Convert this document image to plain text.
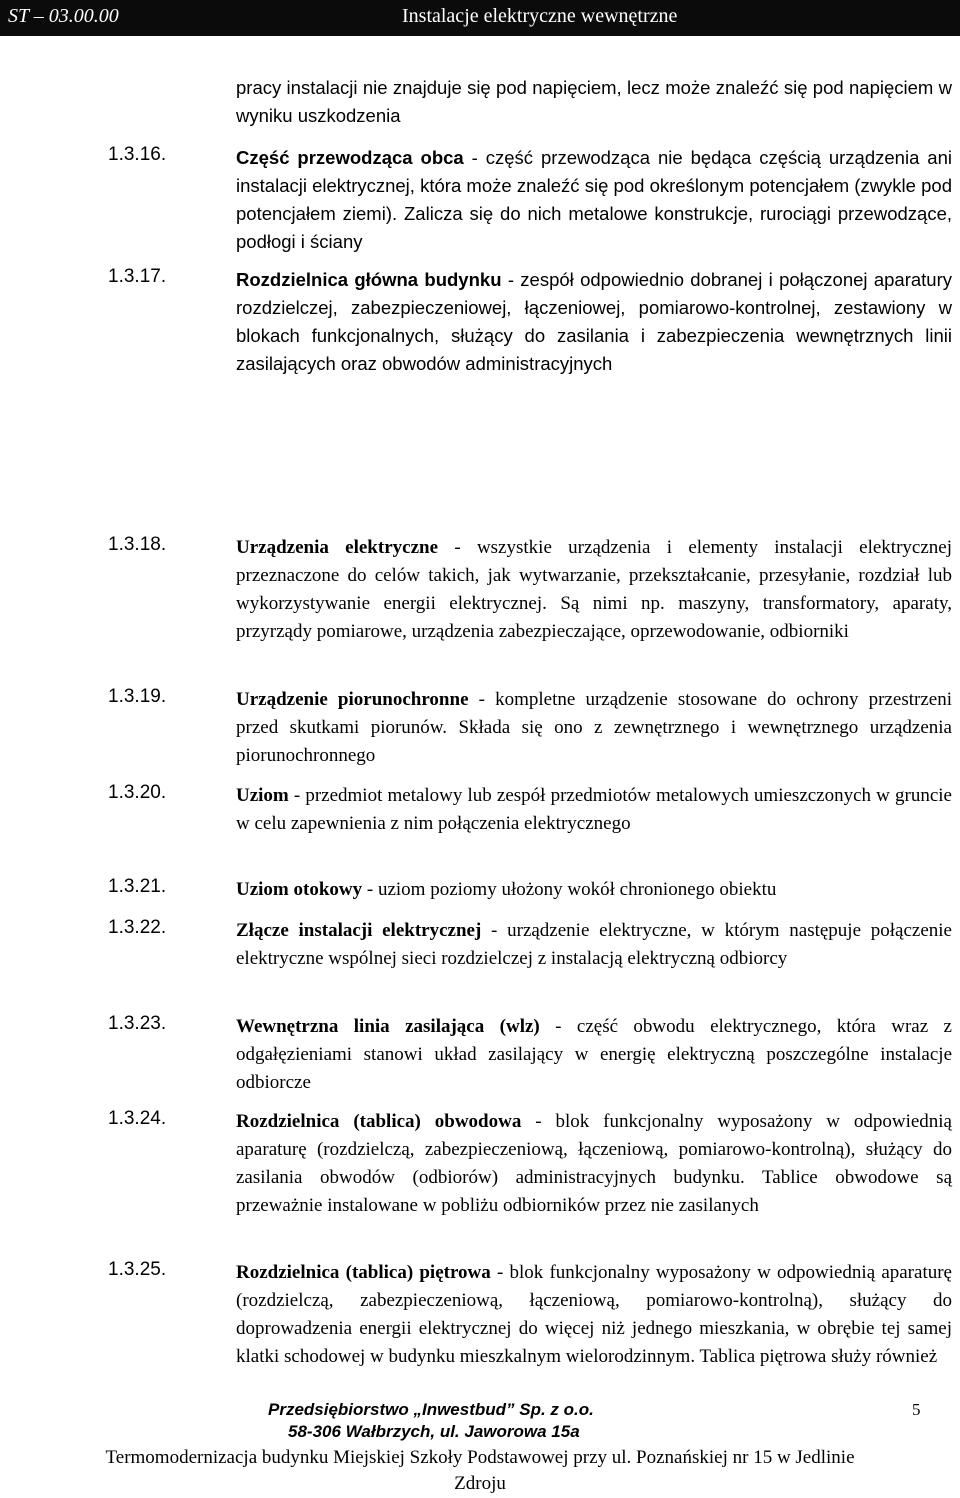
ST – 03.00.00	Instalacje elektryczne wewnętrzne
pracy instalacji nie znajduje się pod napięciem, lecz może znaleźć się pod napięciem w wyniku uszkodzenia
1.3.16.	Część przewodząca obca - część przewodząca nie będąca częścią urządzenia ani instalacji elektrycznej, która może znaleźć się pod określonym potencjałem (zwykle pod potencjałem ziemi). Zalicza się do nich metalowe konstrukcje, rurociągi przewodzące, podłogi i ściany
1.3.17.	Rozdzielnica główna budynku - zespół odpowiednio dobranej i połączonej aparatury rozdzielczej, zabezpieczeniowej, łączeniowej, pomiarowo-kontrolnej, zestawiony w blokach funkcjonalnych, służący do zasilania i zabezpieczenia wewnętrznych linii zasilających oraz obwodów administracyjnych
1.3.18.	Urządzenia elektryczne - wszystkie urządzenia i elementy instalacji elektrycznej przeznaczone do celów takich, jak wytwarzanie, przekształcanie, przesyłanie, rozdział lub wykorzystywanie energii elektrycznej. Są nimi np. maszyny, transformatory, aparaty, przyrządy pomiarowe, urządzenia zabezpieczające, oprzewodowanie, odbiorniki
1.3.19.	Urządzenie piorunochronne - kompletne urządzenie stosowane do ochrony przestrzeni przed skutkami piorunów. Składa się ono z zewnętrznego i wewnętrznego urządzenia piorunochronnego
1.3.20.	Uziom - przedmiot metalowy lub zespół przedmiotów metalowych umieszczonych w gruncie w celu zapewnienia z nim połączenia elektrycznego
1.3.21.	Uziom otokowy - uziom poziomy ułożony wokół chronionego obiektu
1.3.22.	Złącze instalacji elektrycznej - urządzenie elektryczne, w którym następuje połączenie elektryczne wspólnej sieci rozdzielczej z instalacją elektryczną odbiorcy
1.3.23.	Wewnętrzna linia zasilająca (wlz) - część obwodu elektrycznego, która wraz z odgałęzieniami stanowi układ zasilający w energię elektryczną poszczególne instalacje odbiorcze
1.3.24.	Rozdzielnica (tablica) obwodowa - blok funkcjonalny wyposażony w odpowiednią aparaturę (rozdzielczą, zabezpieczeniową, łączeniową, pomiarowo-kontrolną), służący do zasilania obwodów (odbiorów) administracyjnych budynku. Tablice obwodowe są przeważnie instalowane w pobliżu odbiorników przez nie zasilanych
1.3.25.	Rozdzielnica (tablica) piętrowa - blok funkcjonalny wyposażony w odpowiednią aparaturę (rozdzielczą, zabezpieczeniową, łączeniową, pomiarowo-kontrolną), służący do doprowadzenia energii elektrycznej do więcej niż jednego mieszkania, w obrębie tej samej klatki schodowej w budynku mieszkalnym wielorodzinnym. Tablica piętrowa służy również
Przedsiębiorstwo „Inwestbud” Sp. z o.o.
58-306 Wałbrzych, ul. Jaworowa 15a
5
Termomodernizacja budynku Miejskiej Szkoły Podstawowej przy ul. Poznańskiej nr 15 w Jedlinie
Zdroju
